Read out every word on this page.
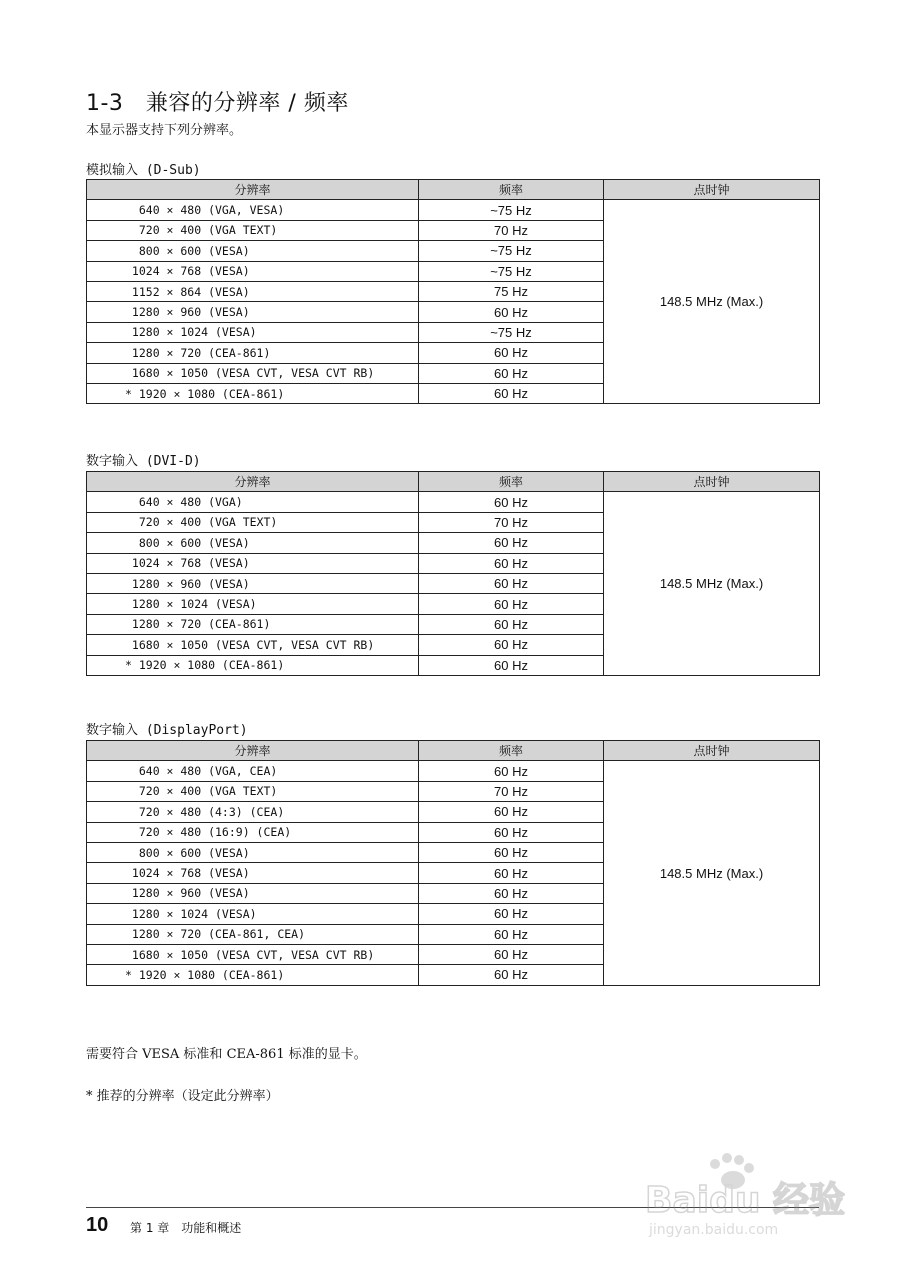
1-3　兼容的分辨率 / 频率
本显示器支持下列分辨率。
模拟输入 (D-Sub)
分辨率	频率	点时钟
640 × 480 (VGA, VESA)	~75 Hz	148.5 MHz (Max.)
720 × 400 (VGA TEXT)	70 Hz	
800 × 600 (VESA)	~75 Hz	
1024 × 768 (VESA)	~75 Hz	
1152 × 864 (VESA)	75 Hz	
1280 × 960 (VESA)	60 Hz	
1280 × 1024 (VESA)	~75 Hz	
1280 × 720 (CEA-861)	60 Hz	
1680 × 1050 (VESA CVT, VESA CVT RB)	60 Hz	
* 1920 × 1080 (CEA-861)	60 Hz	
数字输入 (DVI-D)
分辨率	频率	点时钟
640 × 480 (VGA)	60 Hz	148.5 MHz (Max.)
720 × 400 (VGA TEXT)	70 Hz	
800 × 600 (VESA)	60 Hz	
1024 × 768 (VESA)	60 Hz	
1280 × 960 (VESA)	60 Hz	
1280 × 1024 (VESA)	60 Hz	
1280 × 720 (CEA-861)	60 Hz	
1680 × 1050 (VESA CVT, VESA CVT RB)	60 Hz	
* 1920 × 1080 (CEA-861)	60 Hz	
数字输入 (DisplayPort)
分辨率	频率	点时钟
640 × 480 (VGA, CEA)	60 Hz	148.5 MHz (Max.)
720 × 400 (VGA TEXT)	70 Hz	
720 × 480 (4:3) (CEA)	60 Hz	
720 × 480 (16:9) (CEA)	60 Hz	
800 × 600 (VESA)	60 Hz	
1024 × 768 (VESA)	60 Hz	
1280 × 960 (VESA)	60 Hz	
1280 × 1024 (VESA)	60 Hz	
1280 × 720 (CEA-861, CEA)	60 Hz	
1680 × 1050 (VESA CVT, VESA CVT RB)	60 Hz	
* 1920 × 1080 (CEA-861)	60 Hz	
需要符合 VESA 标准和 CEA-861 标准的显卡。
* 推荐的分辨率（设定此分辨率）
10 第 1 章　功能和概述
Baidu 经验
jingyan.baidu.com
